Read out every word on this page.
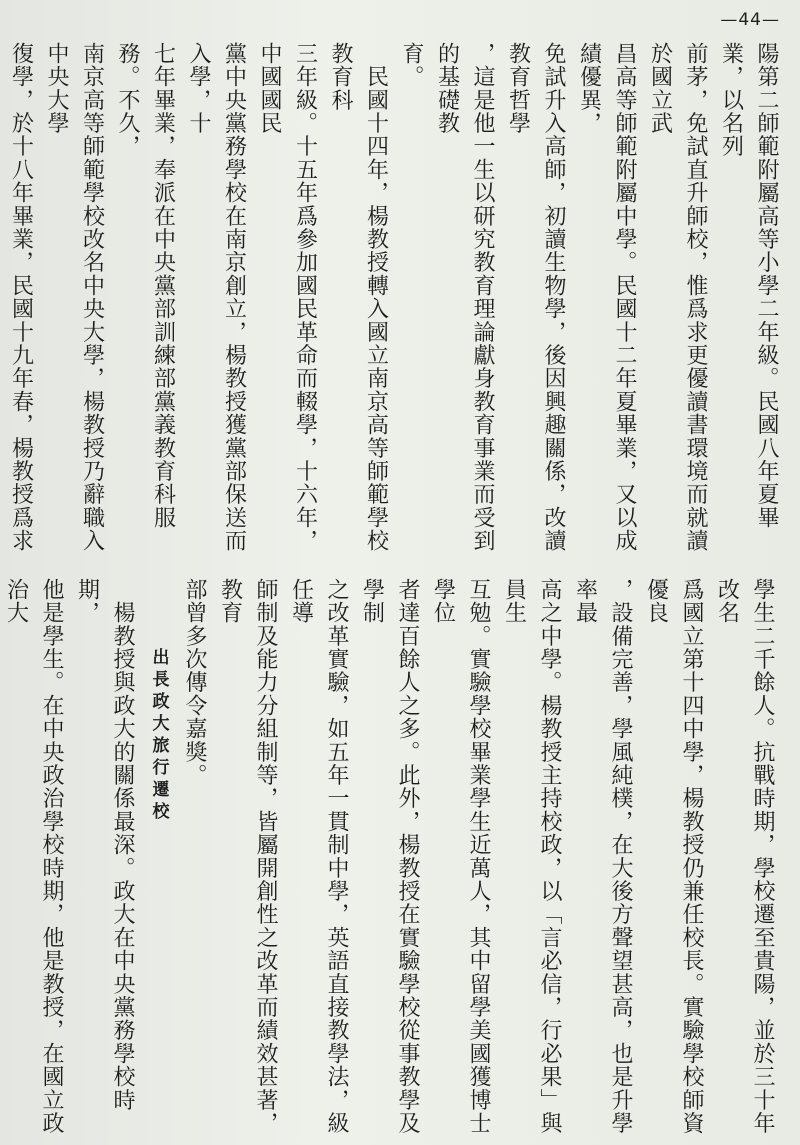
—44—
陽第二師範附屬高等小學二年級。民國八年夏畢業，以名列
前茅，免試直升師校，惟爲求更優讀書環境而就讀於國立武
昌高等師範附屬中學。民國十二年夏畢業，又以成績優異，
免試升入高師，初讀生物學，後因興趣關係，改讀教育哲學
，這是他一生以研究教育理論獻身教育事業而受到的基礎教
育。
　民國十四年，楊教授轉入國立南京高等師範學校教育科
三年級。十五年爲參加國民革命而輟學，十六年，中國國民
黨中央黨務學校在南京創立，楊教授獲黨部保送而入學，十
七年畢業，奉派在中央黨部訓練部黨義教育科服務。不久，
南京高等師範學校改名中央大學，楊教授乃辭職入中央大學
復學，於十八年畢業，民國十九年春，楊教授爲求

學生二千餘人。抗戰時期，學校遷至貴陽，並於三十年改名
爲國立第十四中學，楊教授仍兼任校長。實驗學校師資優良
，設備完善，學風純樸，在大後方聲望甚高，也是升學率最
高之中學。楊教授主持校政，以「言必信，行必果」與員生
互勉。實驗學校畢業學生近萬人，其中留學美國獲博士學位
者達百餘人之多。此外，楊教授在實驗學校從事教學及學制
之改革實驗，如五年一貫制中學，英語直接教學法，級任導
師制及能力分組制等，皆屬開創性之改革而績效甚著，教育
部曾多次傳令嘉獎。
出長政大旅行遷校
　楊教授與政大的關係最深。政大在中央黨務學校時期，
他是學生。在中央政治學校時期，他是教授，在國立政治大
